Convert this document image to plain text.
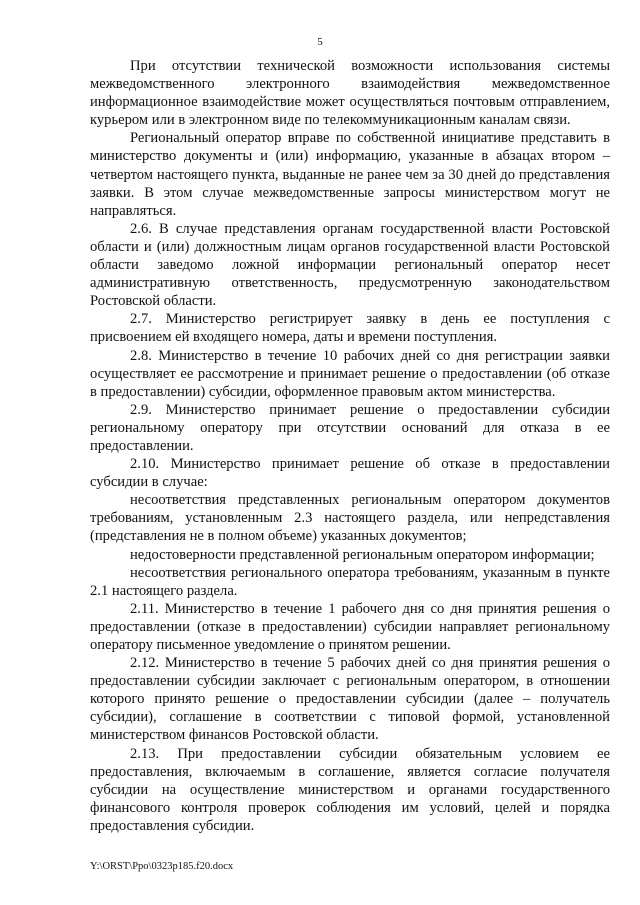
5

При отсутствии технической возможности использования системы межведомственного электронного взаимодействия межведомственное информационное взаимодействие может осуществляться почтовым отправлением, курьером или в электронном виде по телекоммуникационным каналам связи.

Региональный оператор вправе по собственной инициативе представить в министерство документы и (или) информацию, указанные в абзацах втором – четвертом настоящего пункта, выданные не ранее чем за 30 дней до представления заявки. В этом случае межведомственные запросы министерством могут не направляться.

2.6. В случае представления органам государственной власти Ростовской области и (или) должностным лицам органов государственной власти Ростовской области заведомо ложной информации региональный оператор несет административную ответственность, предусмотренную законодательством Ростовской области.

2.7. Министерство регистрирует заявку в день ее поступления с присвоением ей входящего номера, даты и времени поступления.

2.8. Министерство в течение 10 рабочих дней со дня регистрации заявки осуществляет ее рассмотрение и принимает решение о предоставлении (об отказе в предоставлении) субсидии, оформленное правовым актом министерства.

2.9. Министерство принимает решение о предоставлении субсидии региональному оператору при отсутствии оснований для отказа в ее предоставлении.

2.10. Министерство принимает решение об отказе в предоставлении субсидии в случае:

несоответствия представленных региональным оператором документов требованиям, установленным 2.3 настоящего раздела, или непредставления (представления не в полном объеме) указанных документов;

недостоверности представленной региональным оператором информации;

несоответствия регионального оператора требованиям, указанным в пункте 2.1 настоящего раздела.

2.11. Министерство в течение 1 рабочего дня со дня принятия решения о предоставлении (отказе в предоставлении) субсидии направляет региональному оператору письменное уведомление о принятом решении.

2.12. Министерство в течение 5 рабочих дней со дня принятия решения о предоставлении субсидии заключает с региональным оператором, в отношении которого принято решение о предоставлении субсидии (далее – получатель субсидии), соглашение в соответствии с типовой формой, установленной министерством финансов Ростовской области.

2.13. При предоставлении субсидии обязательным условием ее предоставления, включаемым в соглашение, является согласие получателя субсидии на осуществление министерством и органами государственного финансового контроля проверок соблюдения им условий, целей и порядка предоставления субсидии.

Y:\ORST\Ppo\0323p185.f20.docx
